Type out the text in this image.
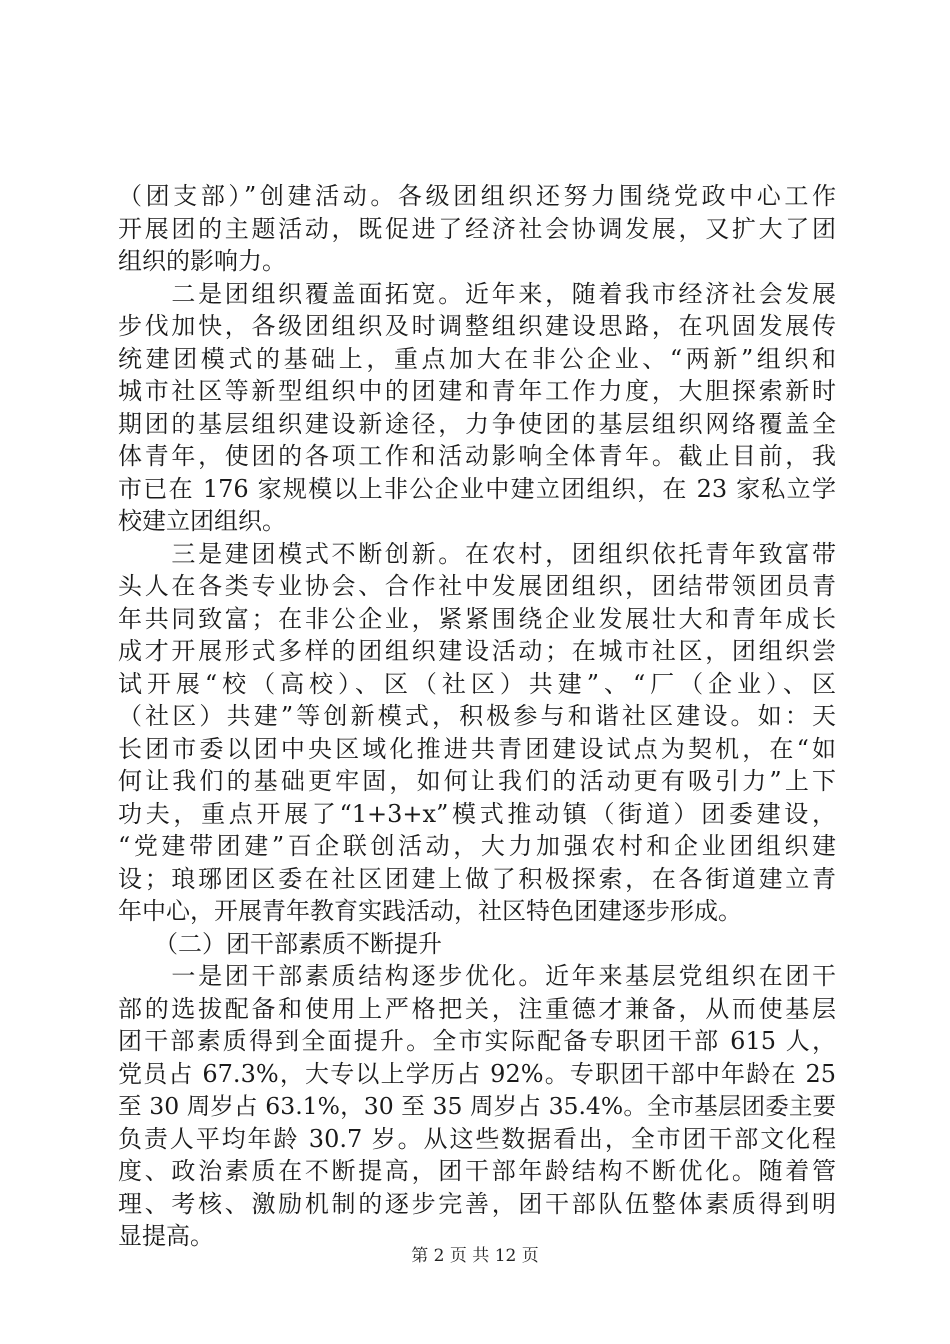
（团支部）”创建活动。各级团组织还努力围绕党政中心工作
开展团的主题活动，既促进了经济社会协调发展，又扩大了团
组织的影响力。
　　二是团组织覆盖面拓宽。近年来，随着我市经济社会发展
步伐加快，各级团组织及时调整组织建设思路，在巩固发展传
统建团模式的基础上，重点加大在非公企业、“两新”组织和
城市社区等新型组织中的团建和青年工作力度，大胆探索新时
期团的基层组织建设新途径，力争使团的基层组织网络覆盖全
体青年，使团的各项工作和活动影响全体青年。截止目前，我
市已在 176 家规模以上非公企业中建立团组织，在 23 家私立学
校建立团组织。
　　三是建团模式不断创新。在农村，团组织依托青年致富带
头人在各类专业协会、合作社中发展团组织，团结带领团员青
年共同致富；在非公企业，紧紧围绕企业发展壮大和青年成长
成才开展形式多样的团组织建设活动；在城市社区，团组织尝
试开展“校（高校）、区（社区）共建”、“厂（企业）、区
（社区）共建”等创新模式，积极参与和谐社区建设。如：天
长团市委以团中央区域化推进共青团建设试点为契机，在“如
何让我们的基础更牢固，如何让我们的活动更有吸引力”上下
功夫，重点开展了“1+3+x”模式推动镇（街道）团委建设，
“党建带团建”百企联创活动，大力加强农村和企业团组织建
设；琅琊团区委在社区团建上做了积极探索，在各街道建立青
年中心，开展青年教育实践活动，社区特色团建逐步形成。
　　（二）团干部素质不断提升
　　一是团干部素质结构逐步优化。近年来基层党组织在团干
部的选拔配备和使用上严格把关，注重德才兼备，从而使基层
团干部素质得到全面提升。全市实际配备专职团干部 615 人，
党员占 67.3%，大专以上学历占 92%。专职团干部中年龄在 25
至 30 周岁占 63.1%，30 至 35 周岁占 35.4%。全市基层团委主要
负责人平均年龄 30.7 岁。从这些数据看出，全市团干部文化程
度、政治素质在不断提高，团干部年龄结构不断优化。随着管
理、考核、激励机制的逐步完善，团干部队伍整体素质得到明
显提高。
第 2 页 共 12 页
